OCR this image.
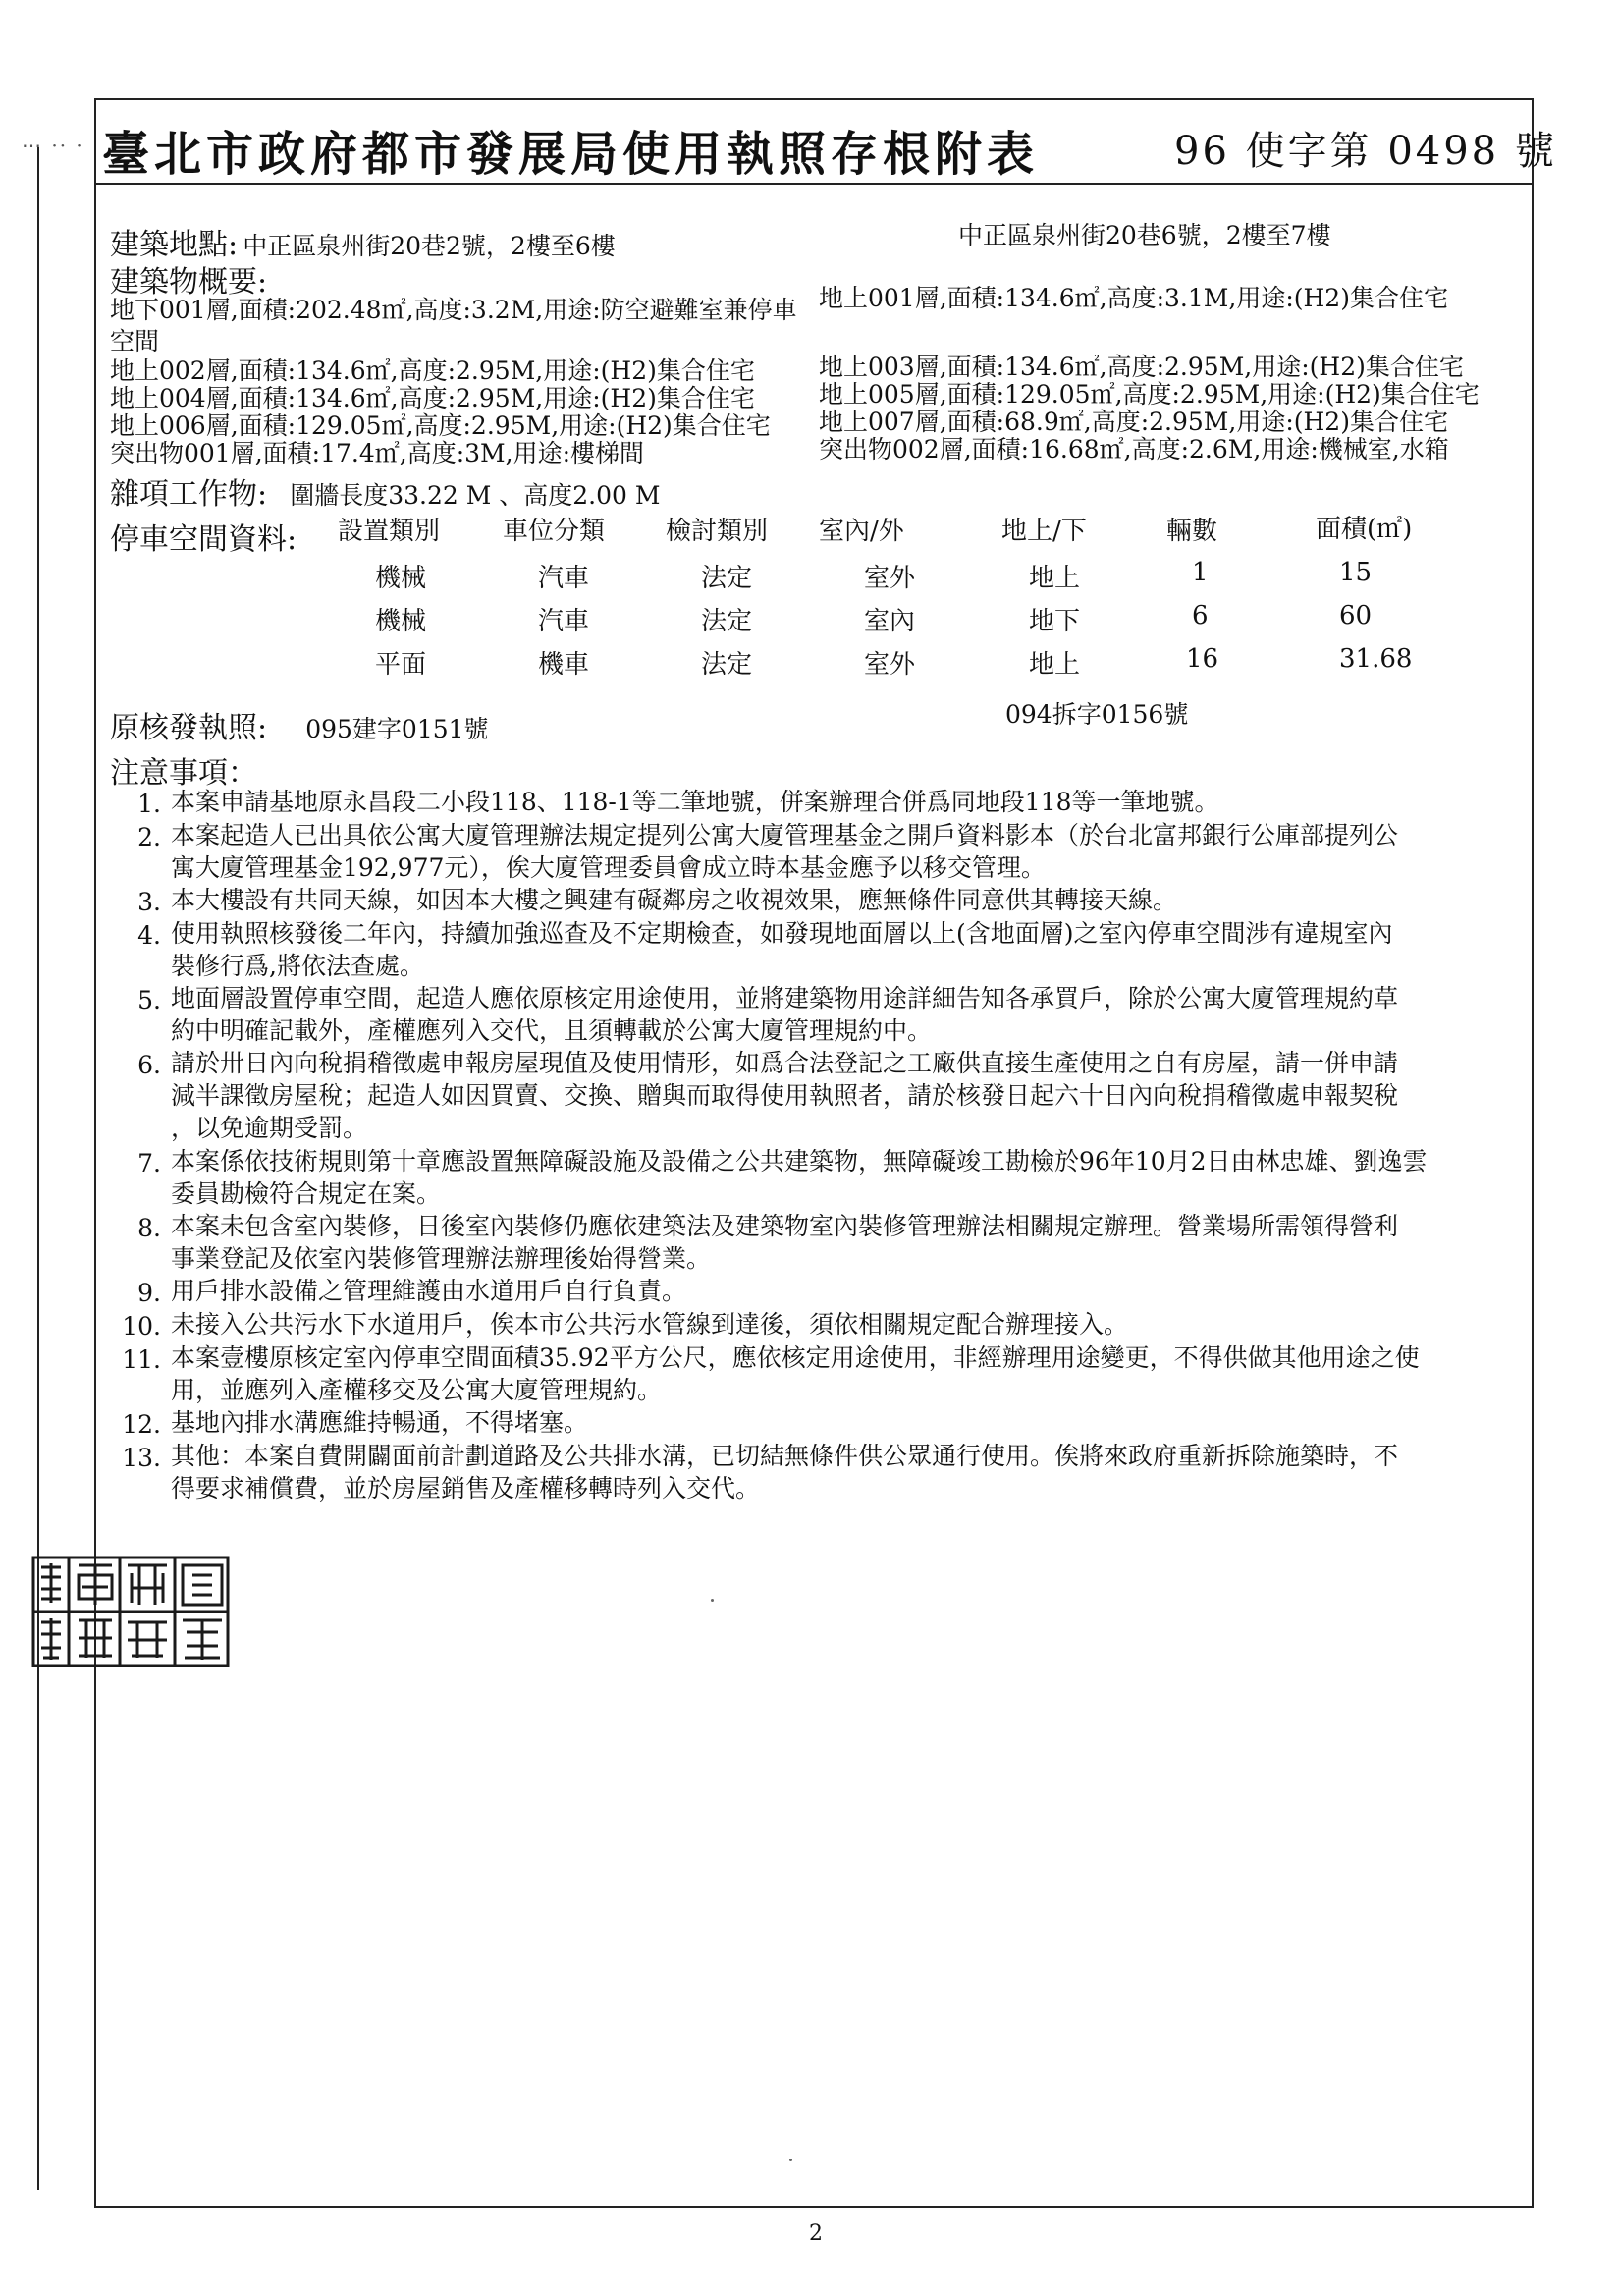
⋯ ·· · 臺北市政府都市發展局使用執照存根附表	96 使字第 0498 號
建築地點: 中正區泉州街20巷2號，2樓至6樓	中正區泉州街20巷6號，2樓至7樓
建築物概要:
地下001層,面積:202.48㎡,高度:3.2M,用途:防空避難室兼停車
空間
地上002層,面積:134.6㎡,高度:2.95M,用途:(H2)集合住宅
地上004層,面積:134.6㎡,高度:2.95M,用途:(H2)集合住宅
地上006層,面積:129.05㎡,高度:2.95M,用途:(H2)集合住宅
突出物001層,面積:17.4㎡,高度:3M,用途:樓梯間
地上001層,面積:134.6㎡,高度:3.1M,用途:(H2)集合住宅
地上003層,面積:134.6㎡,高度:2.95M,用途:(H2)集合住宅
地上005層,面積:129.05㎡,高度:2.95M,用途:(H2)集合住宅
地上007層,面積:68.9㎡,高度:2.95M,用途:(H2)集合住宅
突出物002層,面積:16.68㎡,高度:2.6M,用途:機械室,水箱
雜項工作物: 圍牆長度33.22 M 、高度2.00 M
停車空間資料: 設置類別 車位分類 檢討類別 室內/外	地上/下	輛數	面積(㎡)
機械	汽車	法定	室外	地上	1	15
機械	汽車	法定	室內	地下	6	60
平面	機車	法定	室外	地上	16	31.68
原核發執照: 095建字0151號
094拆字0156號
注意事項：
1. 本案申請基地原永昌段二小段118、118-1等二筆地號，併案辦理合併爲同地段118等一筆地號。
2. 本案起造人已出具依公寓大廈管理辦法規定提列公寓大廈管理基金之開戶資料影本（於台北富邦銀行公庫部提列公
寓大廈管理基金192,977元），俟大廈管理委員會成立時本基金應予以移交管理。
3. 本大樓設有共同天線，如因本大樓之興建有礙鄰房之收視效果，應無條件同意供其轉接天線。
4. 使用執照核發後二年內，持續加強巡查及不定期檢查，如發現地面層以上(含地面層)之室內停車空間涉有違規室內
裝修行爲,將依法查處。
5. 地面層設置停車空間，起造人應依原核定用途使用，並將建築物用途詳細告知各承買戶，除於公寓大廈管理規約草
約中明確記載外，產權應列入交代，且須轉載於公寓大廈管理規約中。
6. 請於卅日內向稅捐稽徵處申報房屋現值及使用情形，如爲合法登記之工廠供直接生產使用之自有房屋，請一併申請
減半課徵房屋稅；起造人如因買賣、交換、贈與而取得使用執照者，請於核發日起六十日內向稅捐稽徵處申報契稅
，以免逾期受罰。
7. 本案係依技術規則第十章應設置無障礙設施及設備之公共建築物，無障礙竣工勘檢於96年10月2日由林忠雄、劉逸雲
委員勘檢符合規定在案。
8. 本案未包含室內裝修，日後室內裝修仍應依建築法及建築物室內裝修管理辦法相關規定辦理。營業場所需領得營利
事業登記及依室內裝修管理辦法辦理後始得營業。
9. 用戶排水設備之管理維護由水道用戶自行負責。
10. 未接入公共污水下水道用戶，俟本市公共污水管線到達後，須依相關規定配合辦理接入。
11. 本案壹樓原核定室內停車空間面積35.92平方公尺，應依核定用途使用，非經辦理用途變更，不得供做其他用途之使
用，並應列入產權移交及公寓大廈管理規約。
12. 基地內排水溝應維持暢通，不得堵塞。
13. 其他：本案自費開闢面前計劃道路及公共排水溝，已切結無條件供公眾通行使用。俟將來政府重新拆除施築時，不
得要求補償費，並於房屋銷售及產權移轉時列入交代。
2
